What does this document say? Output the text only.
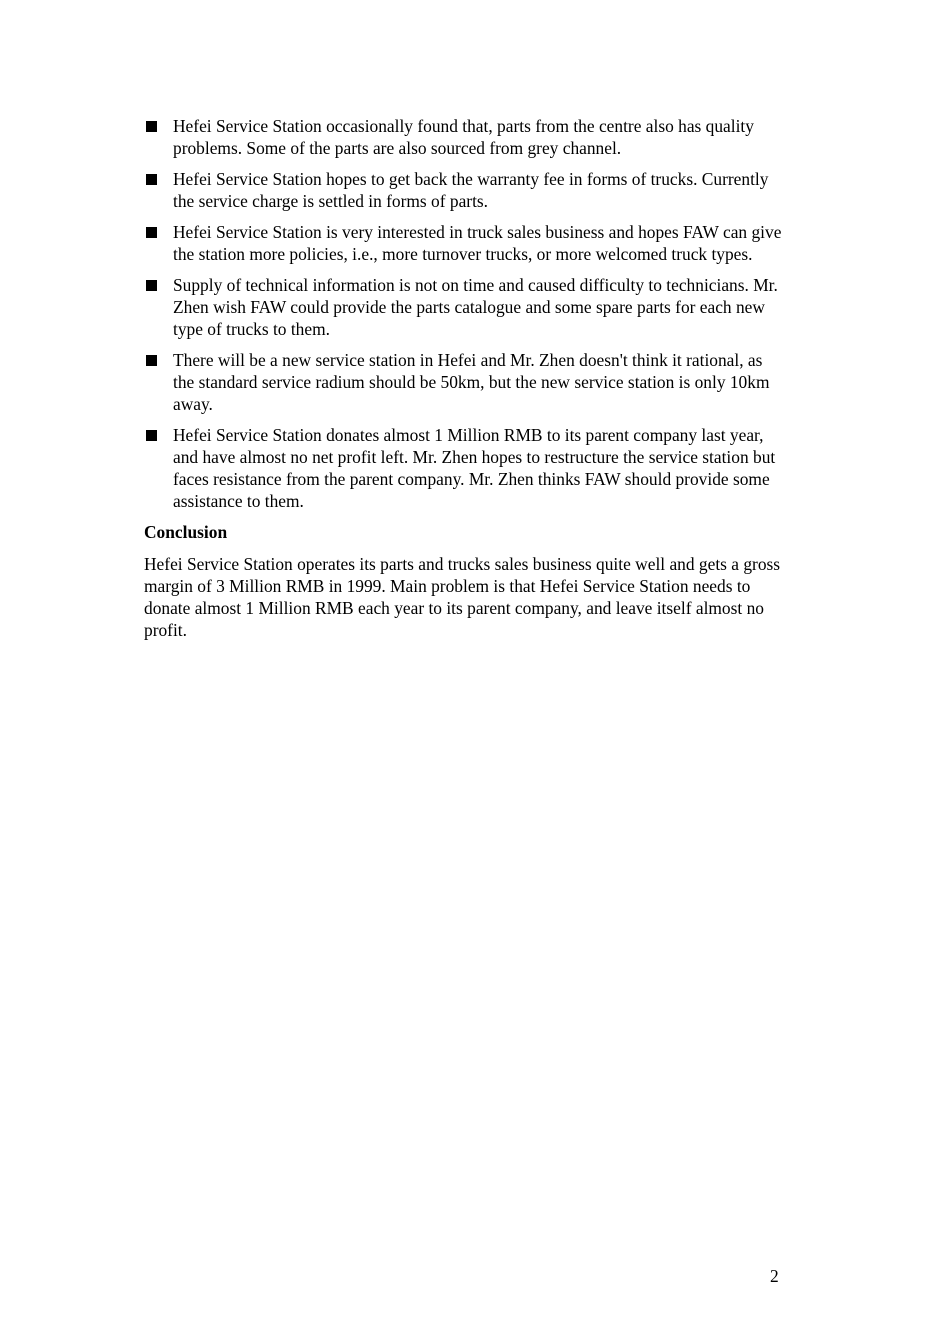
Hefei Service Station occasionally found that, parts from the centre also has quality problems. Some of the parts are also sourced from grey channel.
Hefei Service Station hopes to get back the warranty fee in forms of trucks. Currently the service charge is settled in forms of parts.
Hefei Service Station is very interested in truck sales business and hopes FAW can give the station more policies, i.e., more turnover trucks, or more welcomed truck types.
Supply of technical information is not on time and caused difficulty to technicians. Mr. Zhen wish FAW could provide the parts catalogue and some spare parts for each new type of trucks to them.
There will be a new service station in Hefei and Mr. Zhen doesn't think it rational, as the standard service radium should be 50km, but the new service station is only 10km away.
Hefei Service Station donates almost 1 Million RMB to its parent company last year, and have almost no net profit left. Mr. Zhen hopes to restructure the service station but faces resistance from the parent company. Mr. Zhen thinks FAW should provide some assistance to them.
Conclusion

Hefei Service Station operates its parts and trucks sales business quite well and gets a gross margin of 3 Million RMB in 1999. Main problem is that Hefei Service Station needs to donate almost 1 Million RMB each year to its parent company, and leave itself almost no profit.

2
